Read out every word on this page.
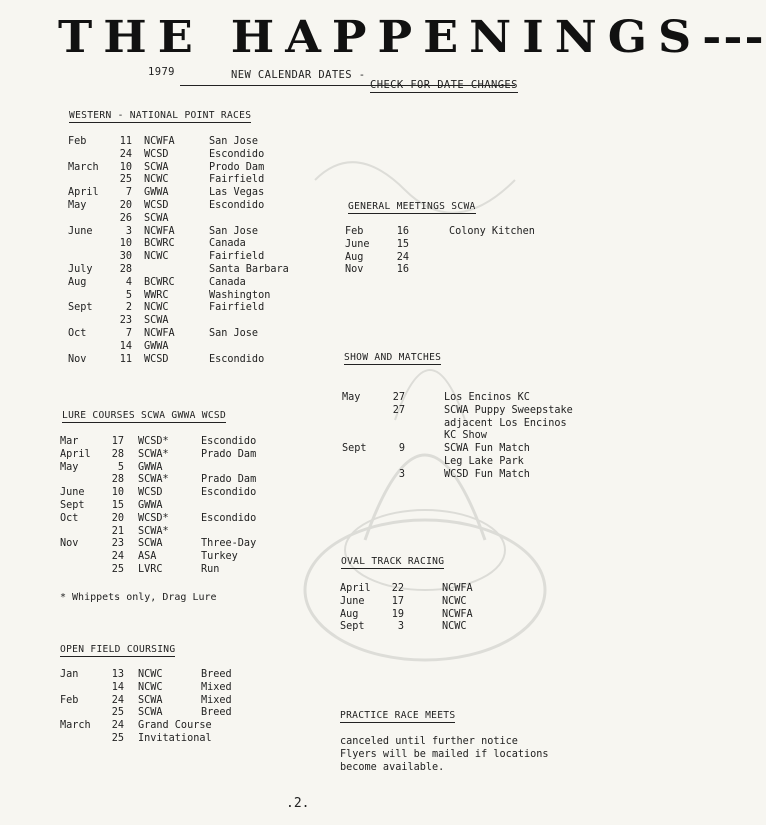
THE HAPPENINGS---
1979	NEW CALENDAR DATES -
CHECK FOR DATE CHANGES
WESTERN - NATIONAL POINT RACES
Feb	11 NCWFA	San Jose
24 WCSD	Escondido
March 10 SCWA	Prodo Dam
25 NCWC	Fairfield
April	7 GWWA	Las Vegas
May	20 WCSD	Escondido
26 SCWA
June	3 NCWFA	San Jose
10 BCWRC	Canada
30 NCWC	Fairfield
July	28	Santa Barbara
Aug	4 BCWRC	Canada
5 WWRC	Washington
Sept	2 NCWC	Fairfield
23 SCWA
Oct	7 NCWFA	San Jose
14 GWWA
Nov	11 WCSD	Escondido
LURE COURSES SCWA GWWA WCSD
Mar	17 WCSD*	Escondido
April 28 SCWA*	Prado Dam
May	5 GWWA
28 SCWA*	Prado Dam
June	10 WCSD	Escondido
Sept	15 GWWA
Oct	20 WCSD*	Escondido
21 SCWA*
Nov	23 SCWA	Three-Day
24 ASA	Turkey
25 LVRC	Run
* Whippets only, Drag Lure
OPEN FIELD COURSING
Jan	13 NCWC	Breed
14 NCWC	Mixed
Feb	24 SCWA	Mixed
25 SCWA	Breed
March 24 Grand Course
25 Invitational
GENERAL MEETINGS SCWA
Feb	16	Colony Kitchen
June	15
Aug	24
Nov	16
SHOW AND MATCHES
May	27	Los Encinos KC
27	SCWA Puppy Sweepstake
adjacent Los Encinos
KC Show
Sept	9	SCWA Fun Match
Leg Lake Park
3	WCSD Fun Match
OVAL TRACK RACING
April 22	NCWFA
June	17	NCWC
Aug	19	NCWFA
Sept	3	NCWC
PRACTICE RACE MEETS
canceled until further notice
Flyers will be mailed if locations
become available.
.2.
